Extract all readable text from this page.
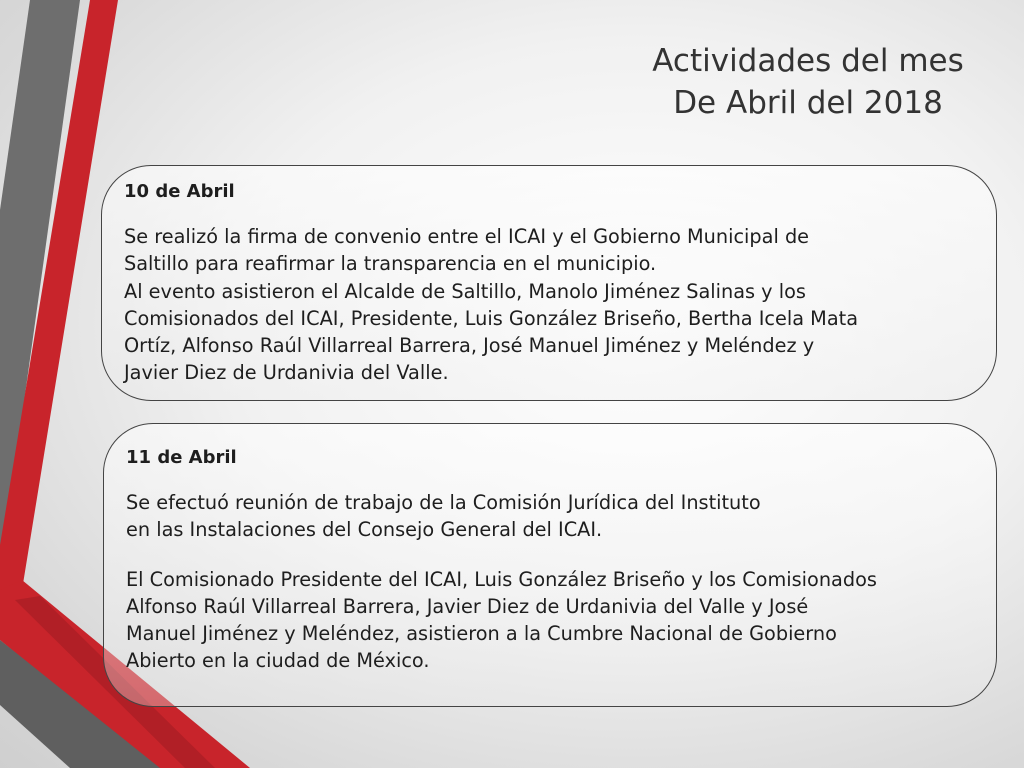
Actividades del mes
De Abril del 2018
10 de Abril
Se realizó la firma de convenio entre el ICAI y el Gobierno Municipal de
Saltillo para reafirmar la transparencia en el municipio.
Al evento asistieron el Alcalde de Saltillo, Manolo Jiménez Salinas y los
Comisionados del ICAI, Presidente, Luis González Briseño, Bertha Icela Mata
Ortíz, Alfonso Raúl Villarreal Barrera, José Manuel Jiménez y Meléndez y
Javier Diez de Urdanivia del Valle.
11 de Abril
Se efectuó reunión de trabajo de la Comisión Jurídica del Instituto
en las Instalaciones del Consejo General del ICAI.
El Comisionado Presidente del ICAI, Luis González Briseño y los Comisionados
Alfonso Raúl Villarreal Barrera, Javier Diez de Urdanivia del Valle y José
Manuel Jiménez y Meléndez, asistieron a la Cumbre Nacional de Gobierno
Abierto en la ciudad de México.
